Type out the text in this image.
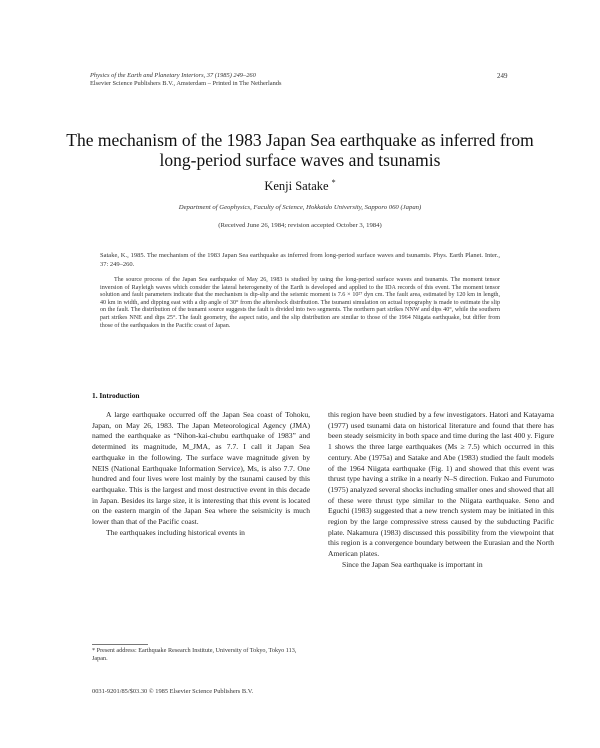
Physics of the Earth and Planetary Interiors, 37 (1985) 249–260
Elsevier Science Publishers B.V., Amsterdam – Printed in The Netherlands
249
The mechanism of the 1983 Japan Sea earthquake as inferred from long-period surface waves and tsunamis
Kenji Satake *
Department of Geophysics, Faculty of Science, Hokkaido University, Sapporo 060 (Japan)
(Received June 26, 1984; revision accepted October 3, 1984)
Satake, K., 1985. The mechanism of the 1983 Japan Sea earthquake as inferred from long-period surface waves and tsunamis. Phys. Earth Planet. Inter., 37: 249–260.
The source process of the Japan Sea earthquake of May 26, 1983 is studied by using the long-period surface waves and tsunamis. The moment tensor inversion of Rayleigh waves which consider the lateral heterogeneity of the Earth is developed and applied to the IDA records of this event. The moment tensor solution and fault parameters indicate that the mechanism is dip-slip and the seismic moment is 7.6 × 10²⁷ dyn cm. The fault area, estimated by 120 km in length, 40 km in width, and dipping east with a dip angle of 30° from the aftershock distribution. The tsunami simulation on actual topography is made to estimate the slip on the fault. The distribution of the tsunami source suggests the fault is divided into two segments. The northern part strikes NNW and dips 40°, while the southern part strikes NNE and dips 25°. The fault geometry, the aspect ratio, and the slip distribution are similar to those of the 1964 Niigata earthquake, but differ from those of the earthquakes in the Pacific coast of Japan.
1. Introduction

A large earthquake occurred off the Japan Sea coast of Tohoku, Japan, on May 26, 1983. The Japan Meteorological Agency (JMA) named the earthquake as “Nihon-kai-chubu earthquake of 1983” and determined its magnitude, M_JMA, as 7.7. I call it Japan Sea earthquake in the following. The surface wave magnitude given by NEIS (National Earthquake Information Service), Ms, is also 7.7. One hundred and four lives were lost mainly by the tsunami caused by this earthquake. This is the largest and most destructive event in this decade in Japan. Besides its large size, it is interesting that this event is located on the eastern margin of the Japan Sea where the seismicity is much lower than that of the Pacific coast.

The earthquakes including historical events in

this region have been studied by a few investigators. Hatori and Katayama (1977) used tsunami data on historical literature and found that there has been steady seismicity in both space and time during the last 400 y. Figure 1 shows the three large earthquakes (Ms ≥ 7.5) which occurred in this century. Abe (1975a) and Satake and Abe (1983) studied the fault models of the 1964 Niigata earthquake (Fig. 1) and showed that this event was thrust type having a strike in a nearly N–S direction. Fukao and Furumoto (1975) analyzed several shocks including smaller ones and showed that all of these were thrust type similar to the Niigata earthquake. Seno and Eguchi (1983) suggested that a new trench system may be initiated in this region by the large compressive stress caused by the subducting Pacific plate. Nakamura (1983) discussed this possibility from the viewpoint that this region is a convergence boundary between the Eurasian and the North American plates.

Since the Japan Sea earthquake is important in

* Present address: Earthquake Research Institute, University of Tokyo, Tokyo 113, Japan.
0031-9201/85/$03.30 © 1985 Elsevier Science Publishers B.V.
